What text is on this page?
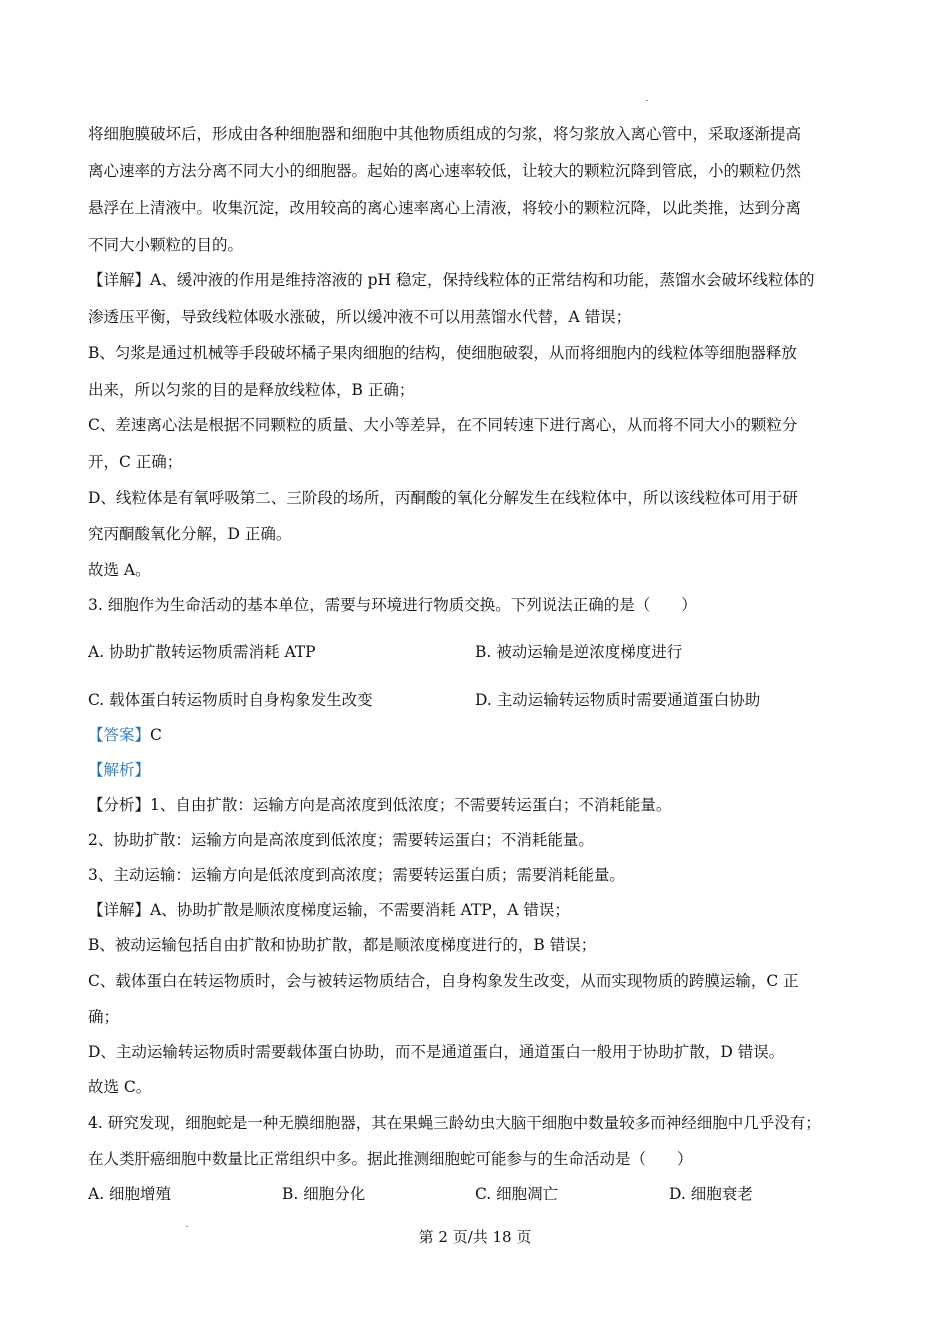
将细胞膜破坏后，形成由各种细胞器和细胞中其他物质组成的匀浆，将匀浆放入离心管中，采取逐渐提高
离心速率的方法分离不同大小的细胞器。起始的离心速率较低，让较大的颗粒沉降到管底，小的颗粒仍然
悬浮在上清液中。收集沉淀，改用较高的离心速率离心上清液，将较小的颗粒沉降，以此类推，达到分离
不同大小颗粒的目的。
【详解】A、缓冲液的作用是维持溶液的 pH 稳定，保持线粒体的正常结构和功能，蒸馏水会破坏线粒体的
渗透压平衡，导致线粒体吸水涨破，所以缓冲液不可以用蒸馏水代替，A 错误；
B、匀浆是通过机械等手段破坏橘子果肉细胞的结构，使细胞破裂，从而将细胞内的线粒体等细胞器释放
出来，所以匀浆的目的是释放线粒体，B 正确；
C、差速离心法是根据不同颗粒的质量、大小等差异，在不同转速下进行离心，从而将不同大小的颗粒分
开，C 正确；
D、线粒体是有氧呼吸第二、三阶段的场所，丙酮酸的氧化分解发生在线粒体中，所以该线粒体可用于研
究丙酮酸氧化分解，D 正确。
故选 A。
3. 细胞作为生命活动的基本单位，需要与环境进行物质交换。下列说法正确的是（　　）
A. 协助扩散转运物质需消耗 ATP	B. 被动运输是逆浓度梯度进行
C. 载体蛋白转运物质时自身构象发生改变	D. 主动运输转运物质时需要通道蛋白协助
【答案】C
【解析】
【分析】1、自由扩散：运输方向是高浓度到低浓度；不需要转运蛋白；不消耗能量。
2、协助扩散：运输方向是高浓度到低浓度；需要转运蛋白；不消耗能量。
3、主动运输：运输方向是低浓度到高浓度；需要转运蛋白质；需要消耗能量。
【详解】A、协助扩散是顺浓度梯度运输，不需要消耗 ATP，A 错误；
B、被动运输包括自由扩散和协助扩散，都是顺浓度梯度进行的，B 错误；
C、载体蛋白在转运物质时，会与被转运物质结合，自身构象发生改变，从而实现物质的跨膜运输，C 正
确；
D、主动运输转运物质时需要载体蛋白协助，而不是通道蛋白，通道蛋白一般用于协助扩散，D 错误。
故选 C。
4. 研究发现，细胞蛇是一种无膜细胞器，其在果蝇三龄幼虫大脑干细胞中数量较多而神经细胞中几乎没有；
在人类肝癌细胞中数量比正常组织中多。据此推测细胞蛇可能参与的生命活动是（　　）
A. 细胞增殖	B. 细胞分化	C. 细胞凋亡	D. 细胞衰老
第 2 页/共 18 页
